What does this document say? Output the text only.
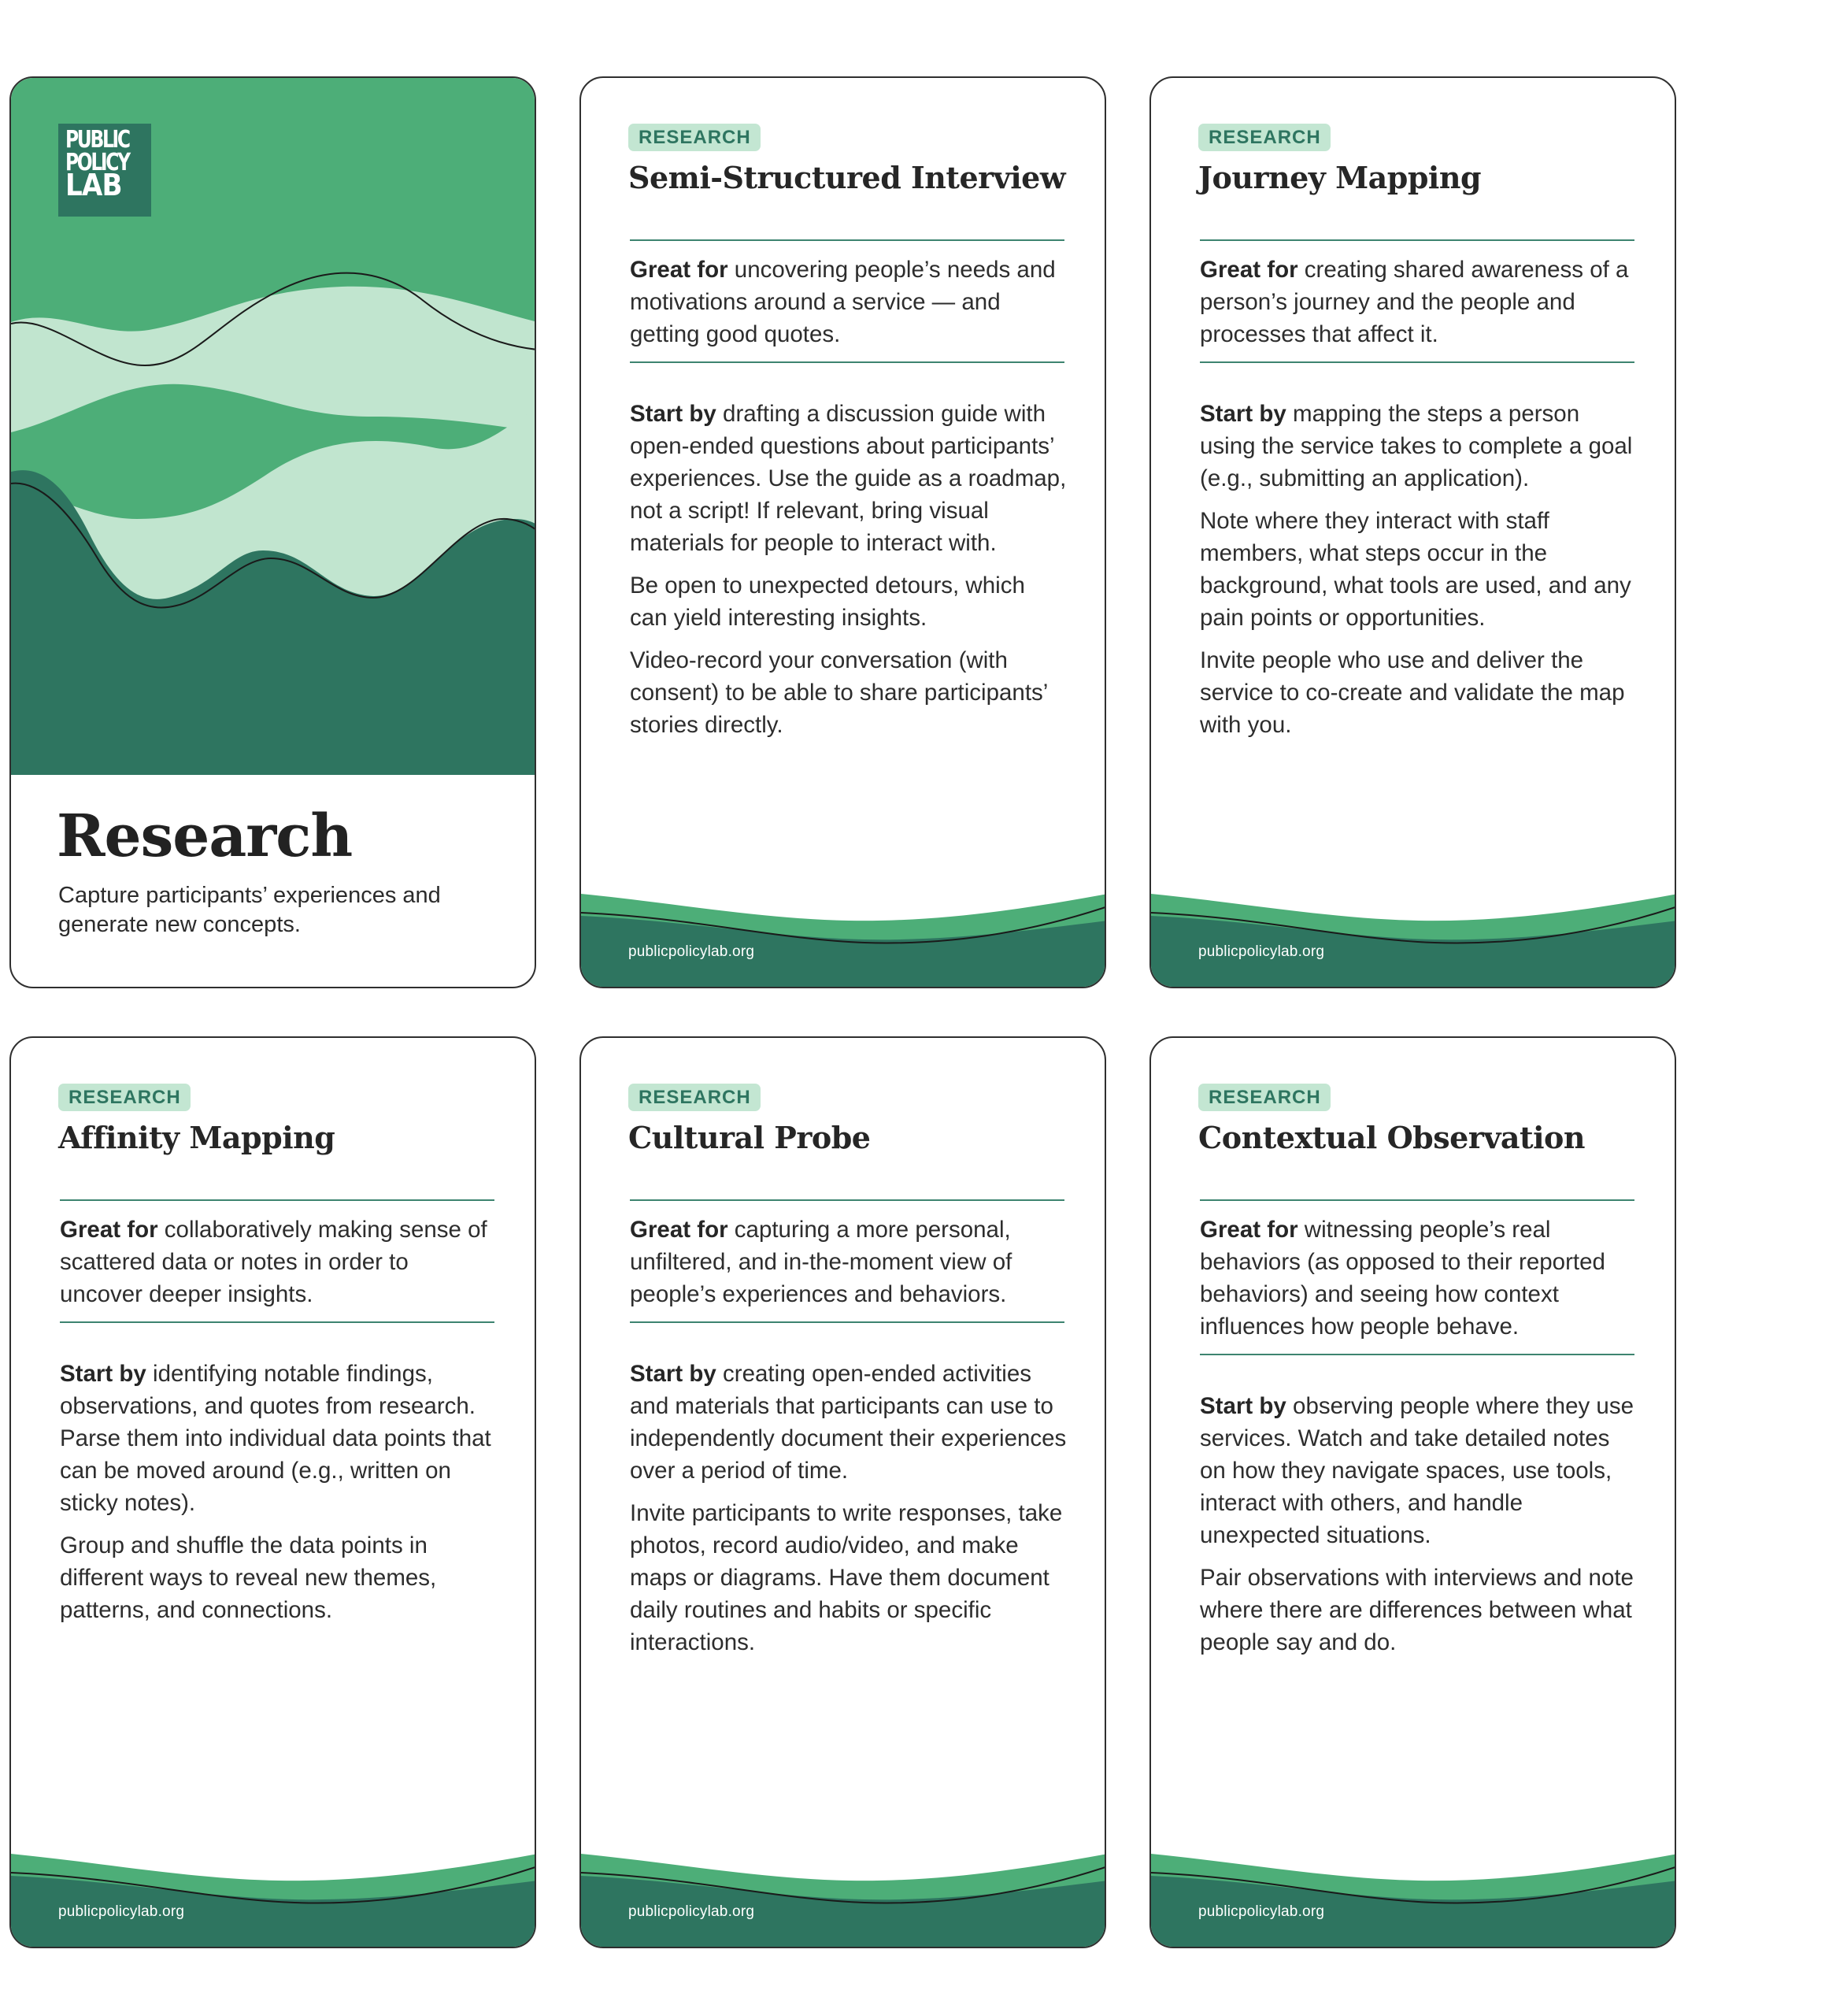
PUBLIC
POLICY
LAB
Research

Capture participants’ experiences and generate new concepts.

RESEARCH
Semi-Structured Interview

Great for uncovering people’s needs and motivations around a service — and getting good quotes.

Start by drafting a discussion guide with open-ended questions about participants’ experiences. Use the guide as a roadmap, not a script! If relevant, bring visual materials for people to interact with.

Be open to unexpected detours, which can yield interesting insights.

Video-record your conversation (with consent) to be able to share participants’ stories directly.

publicpolicylab.org
RESEARCH
Journey Mapping

Great for creating shared awareness of a person’s journey and the people and processes that affect it.

Start by mapping the steps a person using the service takes to complete a goal (e.g., submitting an application).

Note where they interact with staff members, what steps occur in the background, what tools are used, and any pain points or opportunities.

Invite people who use and deliver the service to co-create and validate the map with you.

publicpolicylab.org
RESEARCH
Affinity Mapping

Great for collaboratively making sense of scattered data or notes in order to uncover deeper insights.

Start by identifying notable findings, observations, and quotes from research. Parse them into individual data points that can be moved around (e.g., written on sticky notes).

Group and shuffle the data points in different ways to reveal new themes, patterns, and connections.

publicpolicylab.org
RESEARCH
Cultural Probe

Great for capturing a more personal, unfiltered, and in-the-moment view of people’s experiences and behaviors.

Start by creating open-ended activities and materials that participants can use to independently document their experiences over a period of time.

Invite participants to write responses, take photos, record audio/video, and make maps or diagrams. Have them document daily routines and habits or specific interactions.

publicpolicylab.org
RESEARCH
Contextual Observation

Great for witnessing people’s real behaviors (as opposed to their reported behaviors) and seeing how context influences how people behave.

Start by observing people where they use services. Watch and take detailed notes on how they navigate spaces, use tools, interact with others, and handle unexpected situations.

Pair observations with interviews and note where there are differences between what people say and do.

publicpolicylab.org
